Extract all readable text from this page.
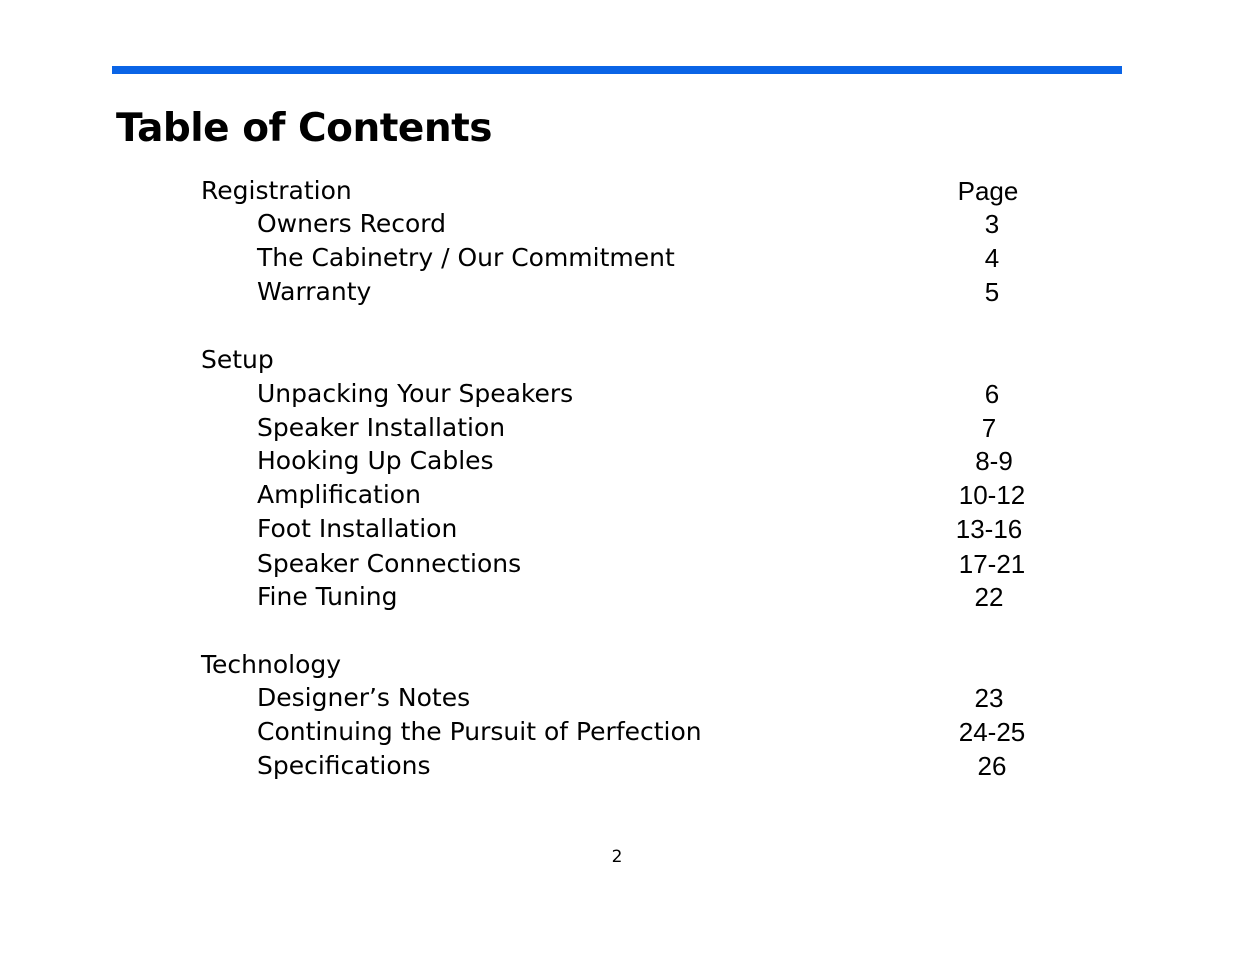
Table of Contents
Registration	Page
Owners Record	3
The Cabinetry / Our Commitment	4
Warranty	5
Setup
Unpacking Your Speakers	6
Speaker Installation	7
Hooking Up Cables	8-9
Amplification	10-12
Foot Installation	13-16
Speaker Connections	17-21
Fine Tuning	22
Technology
Designer’s Notes	23
Continuing the Pursuit of Perfection	24-25
Specifications	26
2
